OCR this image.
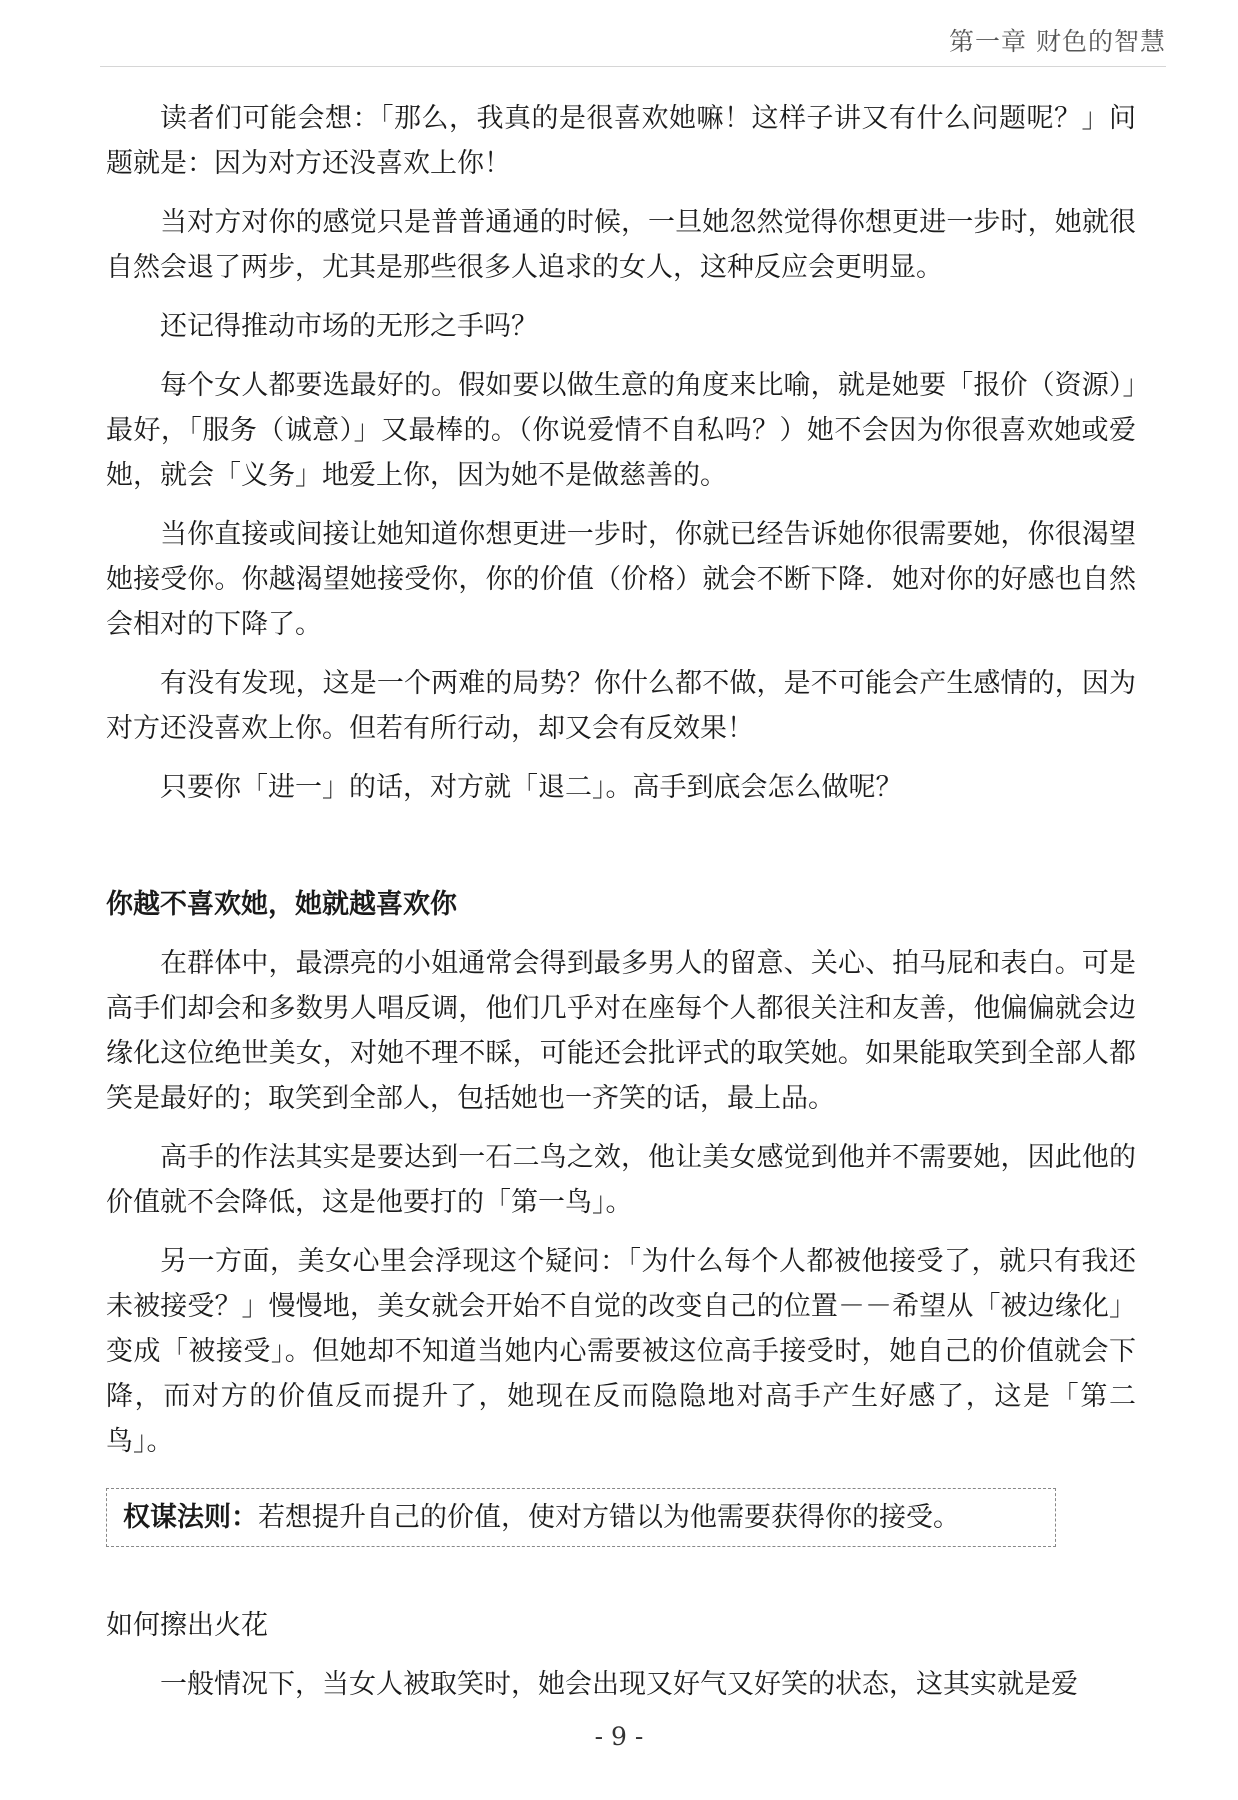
第一章 财色的智慧

读者们可能会想：「那么，我真的是很喜欢她嘛！这样子讲又有什么问题呢？」问题就是：因为对方还没喜欢上你！

当对方对你的感觉只是普普通通的时候，一旦她忽然觉得你想更进一步时，她就很自然会退了两步，尤其是那些很多人追求的女人，这种反应会更明显。

还记得推动市场的无形之手吗？

每个女人都要选最好的。假如要以做生意的角度来比喻，就是她要「报价（资源）」最好，「服务（诚意）」又最棒的。（你说爱情不自私吗？）她不会因为你很喜欢她或爱她，就会「义务」地爱上你，因为她不是做慈善的。

当你直接或间接让她知道你想更进一步时，你就已经告诉她你很需要她，你很渴望她接受你。你越渴望她接受你，你的价值（价格）就会不断下降．她对你的好感也自然会相对的下降了。

有没有发现，这是一个两难的局势？你什么都不做，是不可能会产生感情的，因为对方还没喜欢上你。但若有所行动，却又会有反效果！

只要你「进一」的话，对方就「退二」。高手到底会怎么做呢？

你越不喜欢她，她就越喜欢你

在群体中，最漂亮的小姐通常会得到最多男人的留意、关心、拍马屁和表白。可是高手们却会和多数男人唱反调，他们几乎对在座每个人都很关注和友善，他偏偏就会边缘化这位绝世美女，对她不理不睬，可能还会批评式的取笑她。如果能取笑到全部人都笑是最好的；取笑到全部人，包括她也一齐笑的话，最上品。

高手的作法其实是要达到一石二鸟之效，他让美女感觉到他并不需要她，因此他的价值就不会降低，这是他要打的「第一鸟」。

另一方面，美女心里会浮现这个疑问：「为什么每个人都被他接受了，就只有我还未被接受？」慢慢地，美女就会开始不自觉的改变自己的位置－－希望从「被边缘化」变成「被接受」。但她却不知道当她内心需要被这位高手接受时，她自己的价值就会下降，而对方的价值反而提升了，她现在反而隐隐地对高手产生好感了，这是「第二鸟」。

权谋法则：若想提升自己的价值，使对方错以为他需要获得你的接受。
如何擦出火花

一般情况下，当女人被取笑时，她会出现又好气又好笑的状态，这其实就是爱

- 9 -
